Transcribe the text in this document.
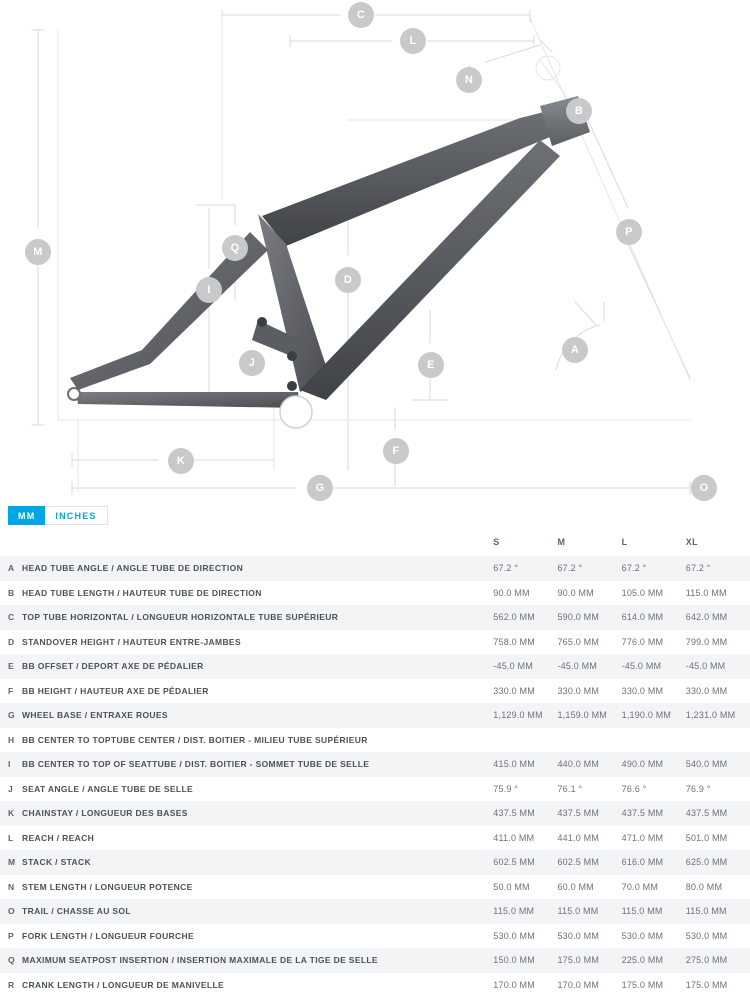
C
L
N
B
M	Q
P
I
D
J	E
A
F
K
G	O
MM	INCHES
		S	M	L	XL
A	HEAD TUBE ANGLE / ANGLE TUBE DE DIRECTION	67.2 °	67.2 °	67.2 °	67.2 °
B	HEAD TUBE LENGTH / HAUTEUR TUBE DE DIRECTION	90.0 MM	90.0 MM	105.0 MM	115.0 MM
C	TOP TUBE HORIZONTAL / LONGUEUR HORIZONTALE TUBE SUPÉRIEUR	562.0 MM	590.0 MM	614.0 MM	642.0 MM
D	STANDOVER HEIGHT / HAUTEUR ENTRE-JAMBES	758.0 MM	765.0 MM	776.0 MM	799.0 MM
E	BB OFFSET / DEPORT AXE DE PÉDALIER	-45.0 MM	-45.0 MM	-45.0 MM	-45.0 MM
F	BB HEIGHT / HAUTEUR AXE DE PÉDALIER	330.0 MM	330.0 MM	330.0 MM	330.0 MM
G	WHEEL BASE / ENTRAXE ROUES	1,129.0 MM	1,159.0 MM	1,190.0 MM	1,231.0 MM
H	BB CENTER TO TOPTUBE CENTER / DIST. BOITIER - MILIEU TUBE SUPÉRIEUR				
I	BB CENTER TO TOP OF SEATTUBE / DIST. BOITIER - SOMMET TUBE DE SELLE	415.0 MM	440.0 MM	490.0 MM	540.0 MM
J	SEAT ANGLE / ANGLE TUBE DE SELLE	75.9 °	76.1 °	76.6 °	76.9 °
K	CHAINSTAY / LONGUEUR DES BASES	437.5 MM	437.5 MM	437.5 MM	437.5 MM
L	REACH / REACH	411.0 MM	441.0 MM	471.0 MM	501.0 MM
M	STACK / STACK	602.5 MM	602.5 MM	616.0 MM	625.0 MM
N	STEM LENGTH / LONGUEUR POTENCE	50.0 MM	60.0 MM	70.0 MM	80.0 MM
O	TRAIL / CHASSE AU SOL	115.0 MM	115.0 MM	115.0 MM	115.0 MM
P	FORK LENGTH / LONGUEUR FOURCHE	530.0 MM	530.0 MM	530.0 MM	530.0 MM
Q	MAXIMUM SEATPOST INSERTION / INSERTION MAXIMALE DE LA TIGE DE SELLE	150.0 MM	175.0 MM	225.0 MM	275.0 MM
R	CRANK LENGTH / LONGUEUR DE MANIVELLE	170.0 MM	170.0 MM	175.0 MM	175.0 MM
